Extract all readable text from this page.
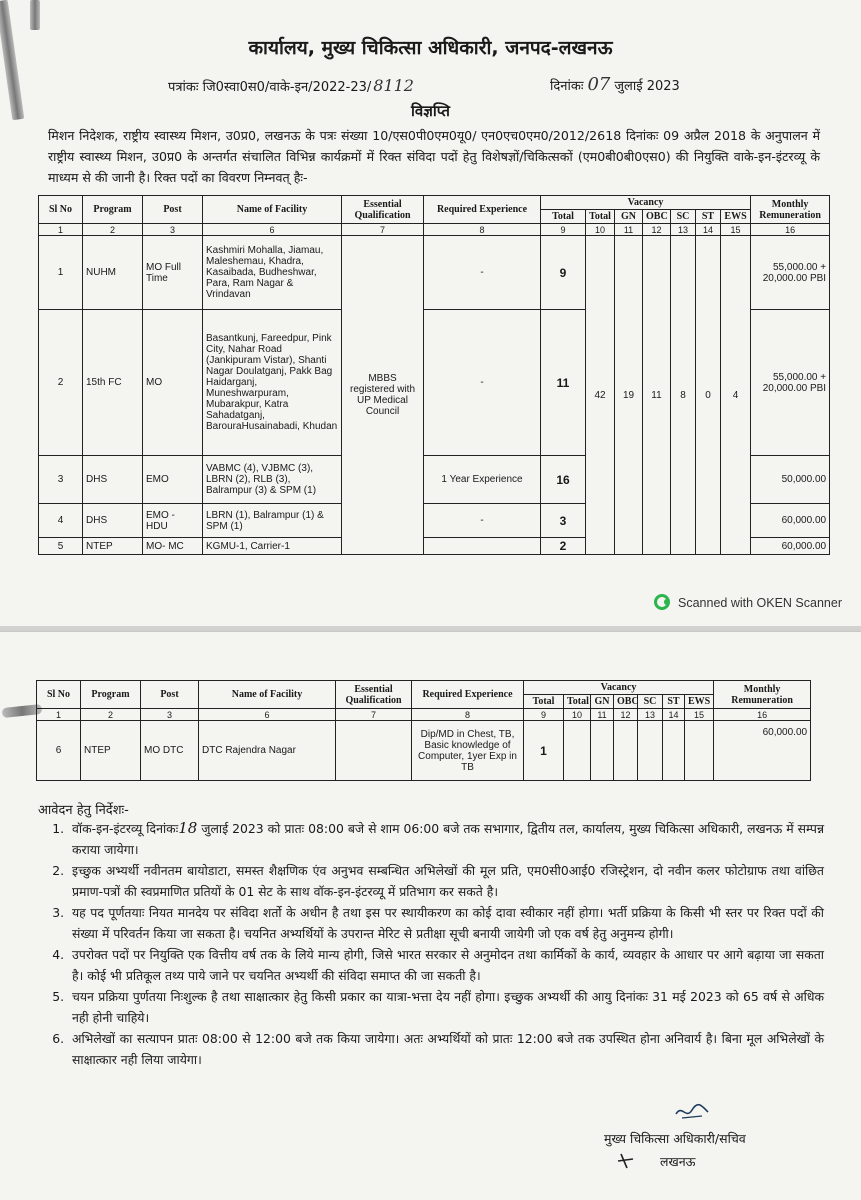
कार्यालय, मुख्य चिकित्सा अधिकारी, जनपद-लखनऊ
पत्रांकः जि0स्वा0स0/वाके-इन/2022-23/ 8112	दिनांकः 07 जुलाई 2023
विज्ञप्ति
मिशन निदेशक, राष्ट्रीय स्वास्थ्य मिशन, उ0प्र0, लखनऊ के पत्रः संख्या 10/एस0पी0एम0यू0/ एन0एच0एम0/2012/2618 दिनांकः 09 अप्रैल 2018 के अनुपालन में राष्ट्रीय स्वास्थ्य मिशन, उ0प्र0 के अन्तर्गत संचालित विभिन्न कार्यक्रमों में रिक्त संविदा पदों हेतु विशेषज्ञों/चिकित्सकों (एम0बी0बी0एस0) की नियुक्ति वाके-इन-इंटरव्यू के माध्यम से की जानी है। रिक्त पदों का विवरण निम्नवत् हैः-
Sl No	Program	Post	Name of Facility	Essential Qualification	Required Experience	Vacancy							Monthly Remuneration
						Total	Total	GN	OBC	SC	ST	EWS	
1	2	3	6	7	8	9	10	11	12	13	14	15	16
1	NUHM	MO Full Time	Kashmiri Mohalla, Jiamau, Maleshemau, Khadra, Kasaibada, Budheshwar, Para, Ram Nagar & Vrindavan	MBBS registered with UP Medical Council	-	9	42	19	11	8	0	4	55,000.00 + 20,000.00 PBI
2	15th FC	MO	Basantkunj, Fareedpur, Pink City, Nahar Road (Jankipuram Vistar), Shanti Nagar Doulatganj, Pakk Bag Haidarganj, Muneshwarpuram, Mubarakpur, Katra Sahadatganj, BarouraHusainabadi, Khudan		-	11							55,000.00 + 20,000.00 PBI
3	DHS	EMO	VABMC (4), VJBMC (3), LBRN (2), RLB (3), Balrampur (3) & SPM (1)		1 Year Experience	16							50,000.00
4	DHS	EMO - HDU	LBRN (1), Balrampur (1) & SPM (1)		-	3							60,000.00
5	NTEP	MO- MC	KGMU-1, Carrier-1			2							60,000.00
Scanned with OKEN Scanner
Sl No	Program	Post	Name of Facility	Essential Qualification	Required Experience	Vacancy							Monthly Remuneration
						Total	Total	GN	OBC	SC	ST	EWS	
1	2	3	6	7	8	9	10	11	12	13	14	15	16
6	NTEP	MO DTC	DTC Rajendra Nagar		Dip/MD in Chest, TB, Basic knowledge of Computer, 1yer Exp in TB	1							60,000.00
आवेदन हेतु निर्देशः-
1. वॉक-इन-इंटरव्यू दिनांकः18 जुलाई 2023 को प्रातः 08:00 बजे से शाम 06:00 बजे तक सभागार, द्वितीय तल, कार्यालय, मुख्य चिकित्सा अधिकारी, लखनऊ में सम्पन्न कराया जायेगा।
2. इच्छुक अभ्यर्थी नवीनतम बायोडाटा, समस्त शैक्षणिक एंव अनुभव सम्बन्धित अभिलेखों की मूल प्रति, एम0सी0आई0 रजिस्ट्रेशन, दो नवीन कलर फोटोग्राफ तथा वांछित प्रमाण-पत्रों की स्वप्रमाणित प्रतियों के 01 सेट के साथ वॉक-इन-इंटरव्यू में प्रतिभाग कर सकते है।
3. यह पद पूर्णतयाः नियत मानदेय पर संविदा शर्तो के अधीन है तथा इस पर स्थायीकरण का कोई दावा स्वीकार नहीं होगा। भर्ती प्रक्रिया के किसी भी स्तर पर रिक्त पदों की संख्या में परिवर्तन किया जा सकता है। चयनित अभ्यर्थियों के उपरान्त मेरिट से प्रतीक्षा सूची बनायी जायेगी जो एक वर्ष हेतु अनुमन्य होगी।
4. उपरोक्त पदों पर नियुक्ति एक वित्तीय वर्ष तक के लिये मान्य होगी, जिसे भारत सरकार से अनुमोदन तथा कार्मिकों के कार्य, व्यवहार के आधार पर आगे बढ़ाया जा सकता है। कोई भी प्रतिकूल तथ्य पाये जाने पर चयनित अभ्यर्थी की संविदा समाप्त की जा सकती है।
5. चयन प्रक्रिया पुर्णतया निःशुल्क है तथा साक्षात्कार हेतु किसी प्रकार का यात्रा-भत्ता देय नहीं होगा। इच्छुक अभ्यर्थी की आयु दिनांकः 31 मई 2023 को 65 वर्ष से अधिक नही होनी चाहिये।
6. अभिलेखों का सत्यापन प्रातः 08:00 से 12:00 बजे तक किया जायेगा। अतः अभ्यर्थियों को प्रातः 12:00 बजे तक उपस्थित होना अनिवार्य है। बिना मूल अभिलेखों के साक्षात्कार नही लिया जायेगा।
मुख्य चिकित्सा अधिकारी/सचिव
लखनऊ
